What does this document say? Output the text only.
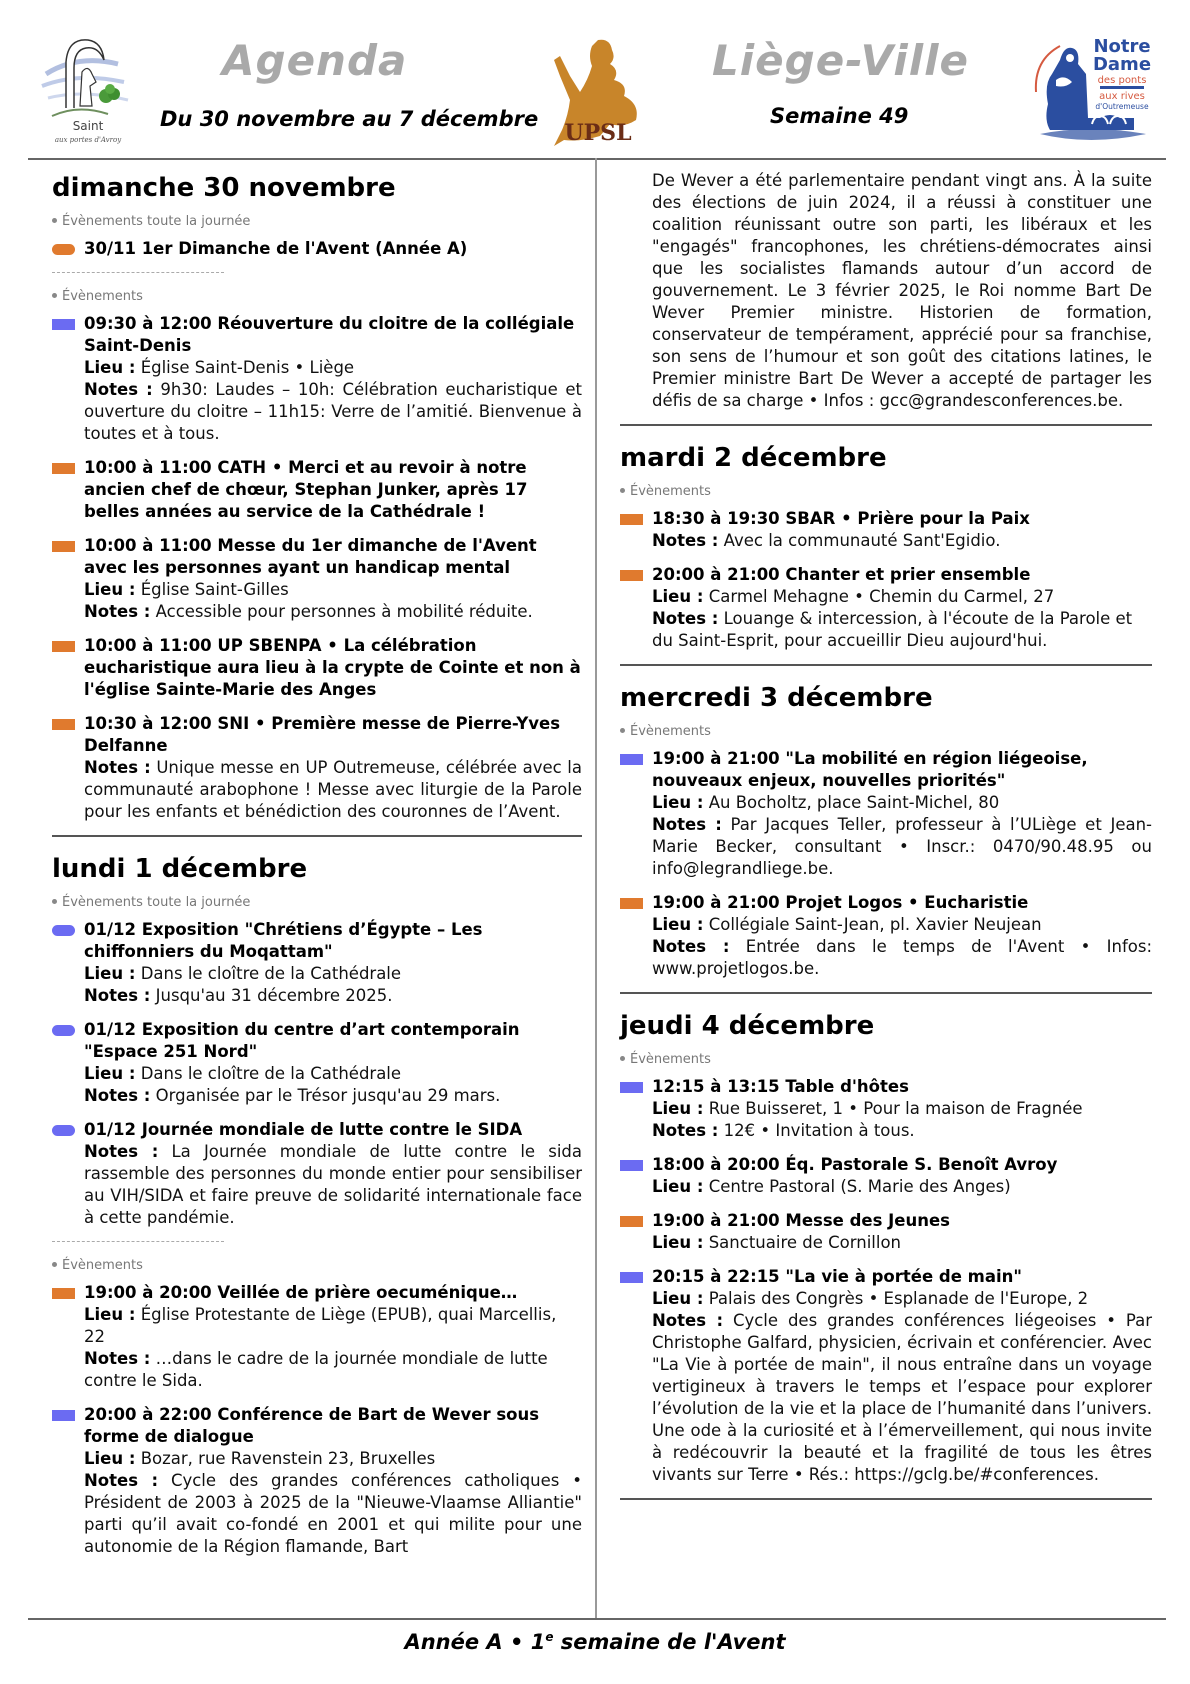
Saint
aux portes d'Avroy
Agenda
Du 30 novembre au 7 décembre
UPSL
Liège-Ville
Semaine 49
Notre
Dame
des ponts
aux rives
d'Outremeuse
dimanche 30 novembre
Évènements toute la journée
30/11 1er Dimanche de l'Avent (Année A)
Évènements
09:30 à 12:00 Réouverture du cloitre de la collégiale Saint-Denis
Lieu : Église Saint-Denis • Liège
Notes : 9h30: Laudes – 10h: Célébration eucharistique et ouverture du cloitre – 11h15: Verre de l’amitié. Bienvenue à toutes et à tous.
10:00 à 11:00 CATH • Merci et au revoir à notre ancien chef de chœur, Stephan Junker, après 17 belles années au service de la Cathédrale !
10:00 à 11:00 Messe du 1er dimanche de l'Avent avec les personnes ayant un handicap mental
Lieu : Église Saint-Gilles
Notes : Accessible pour personnes à mobilité réduite.
10:00 à 11:00 UP SBENPA • La célébration eucharistique aura lieu à la crypte de Cointe et non à l'église Sainte-Marie des Anges
10:30 à 12:00 SNI • Première messe de Pierre-Yves Delfanne
Notes : Unique messe en UP Outremeuse, célébrée avec la communauté arabophone ! Messe avec liturgie de la Parole pour les enfants et bénédiction des couronnes de l’Avent.
lundi 1 décembre
Évènements toute la journée
01/12 Exposition "Chrétiens d’Égypte – Les chiffonniers du Moqattam"
Lieu : Dans le cloître de la Cathédrale
Notes : Jusqu'au 31 décembre 2025.
01/12 Exposition du centre d’art contemporain "Espace 251 Nord"
Lieu : Dans le cloître de la Cathédrale
Notes : Organisée par le Trésor jusqu'au 29 mars.
01/12 Journée mondiale de lutte contre le SIDA
Notes : La Journée mondiale de lutte contre le sida rassemble des personnes du monde entier pour sensibiliser au VIH/SIDA et faire preuve de solidarité internationale face à cette pandémie.
Évènements
19:00 à 20:00 Veillée de prière oecuménique…
Lieu : Église Protestante de Liège (EPUB), quai Marcellis, 22
Notes : …dans le cadre de la journée mondiale de lutte contre le Sida.
20:00 à 22:00 Conférence de Bart de Wever sous forme de dialogue
Lieu : Bozar, rue Ravenstein 23, Bruxelles
Notes : Cycle des grandes conférences catholiques • Président de 2003 à 2025 de la "Nieuwe-Vlaamse Alliantie" parti qu’il avait co-fondé en 2001 et qui milite pour une autonomie de la Région flamande, Bart
De Wever a été parlementaire pendant vingt ans. À la suite des élections de juin 2024, il a réussi à constituer une coalition réunissant outre son parti, les libéraux et les "engagés" francophones, les chrétiens-démocrates ainsi que les socialistes flamands autour d’un accord de gouvernement. Le 3 février 2025, le Roi nomme Bart De Wever Premier ministre. Historien de formation, conservateur de tempérament, apprécié pour sa franchise, son sens de l’humour et son goût des citations latines, le Premier ministre Bart De Wever a accepté de partager les défis de sa charge • Infos : gcc@grandesconferences.be.
mardi 2 décembre
Évènements
18:30 à 19:30 SBAR • Prière pour la Paix
Notes : Avec la communauté Sant'Egidio.
20:00 à 21:00 Chanter et prier ensemble
Lieu : Carmel Mehagne • Chemin du Carmel, 27
Notes : Louange & intercession, à l'écoute de la Parole et du Saint-Esprit, pour accueillir Dieu aujourd'hui.
mercredi 3 décembre
Évènements
19:00 à 21:00 "La mobilité en région liégeoise, nouveaux enjeux, nouvelles priorités"
Lieu : Au Bocholtz, place Saint-Michel, 80
Notes : Par Jacques Teller, professeur à l’ULiège et Jean-Marie Becker, consultant • Inscr.: 0470/90.48.95 ou info@legrandliege.be.
19:00 à 21:00 Projet Logos • Eucharistie
Lieu : Collégiale Saint-Jean, pl. Xavier Neujean
Notes : Entrée dans le temps de l'Avent • Infos: www.projetlogos.be.
jeudi 4 décembre
Évènements
12:15 à 13:15 Table d'hôtes
Lieu : Rue Buisseret, 1 • Pour la maison de Fragnée
Notes : 12€ • Invitation à tous.
18:00 à 20:00 Éq. Pastorale S. Benoît Avroy
Lieu : Centre Pastoral (S. Marie des Anges)
19:00 à 21:00 Messe des Jeunes
Lieu : Sanctuaire de Cornillon
20:15 à 22:15 "La vie à portée de main"
Lieu : Palais des Congrès • Esplanade de l'Europe, 2
Notes : Cycle des grandes conférences liégeoises • Par Christophe Galfard, physicien, écrivain et conférencier. Avec "La Vie à portée de main", il nous entraîne dans un voyage vertigineux à travers le temps et l’espace pour explorer l’évolution de la vie et la place de l’humanité dans l’univers. Une ode à la curiosité et à l’émerveillement, qui nous invite à redécouvrir la beauté et la fragilité de tous les êtres vivants sur Terre • Rés.: https://gclg.be/#conferences.
Année A • 1e semaine de l'Avent
